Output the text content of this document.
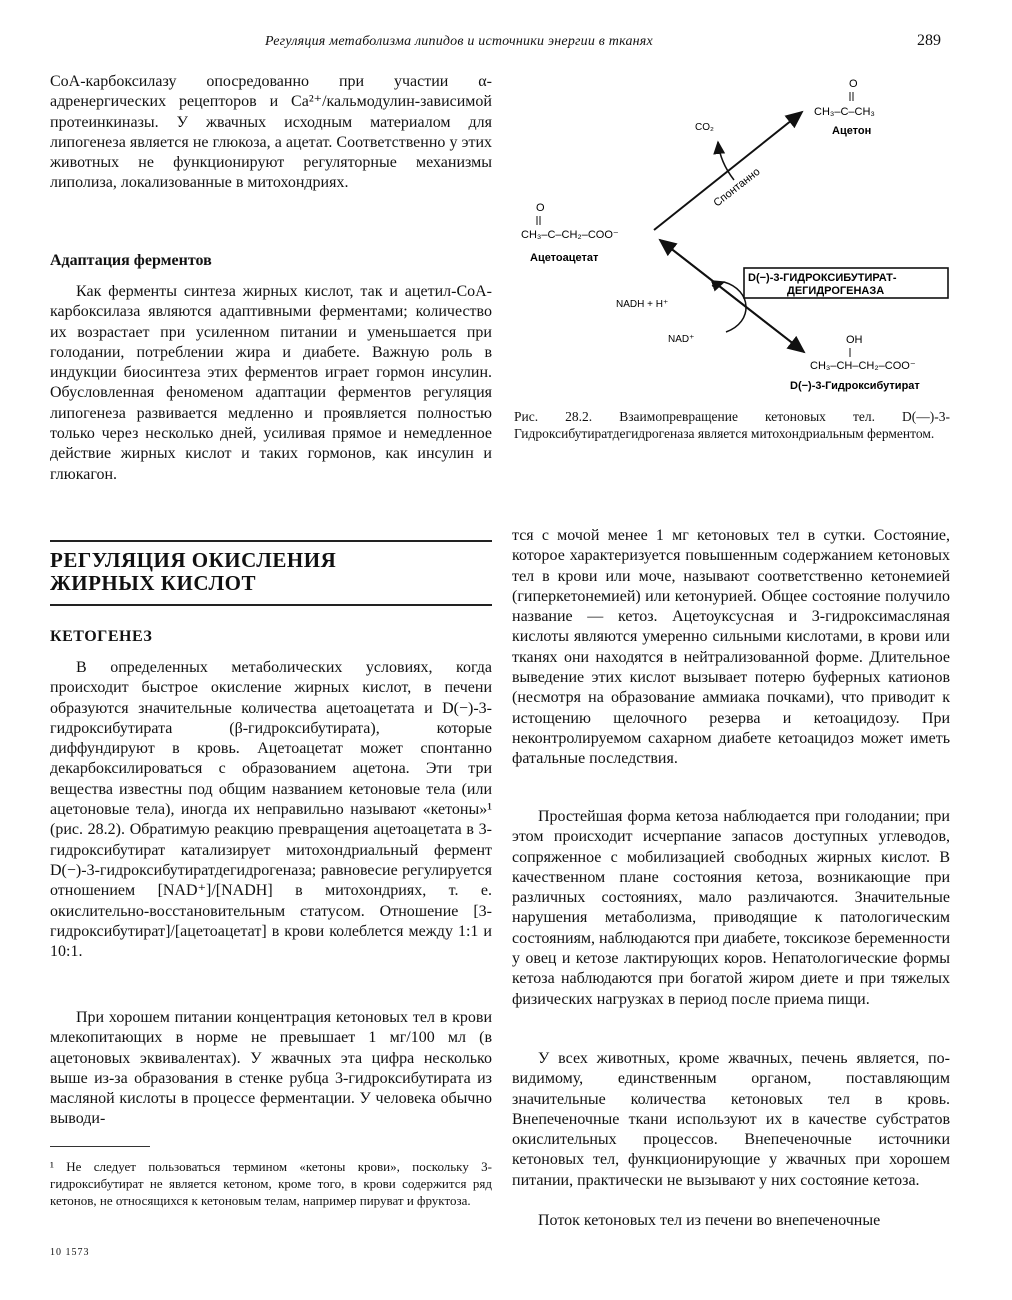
Регуляция метаболизма липидов и источники энергии в тканях	289

СоА-карбоксилазу опосредованно при участии α-адренергических рецепторов и Ca²⁺/кальмодулин-зависимой протеинкиназы. У жвачных исходным материалом для липогенеза является не глюкоза, а ацетат. Соответственно у этих животных не функционируют регуляторные механизмы липолиза, локализованные в митохондриях.

Адаптация ферментов

Как ферменты синтеза жирных кислот, так и ацетил-СоА-карбоксилаза являются адаптивными ферментами; количество их возрастает при усиленном питании и уменьшается при голодании, потреблении жира и диабете. Важную роль в индукции биосинтеза этих ферментов играет гормон инсулин. Обусловленная феноменом адаптации ферментов регуляция липогенеза развивается медленно и проявляется полностью только через несколько дней, усиливая прямое и немедленное действие жирных кислот и таких гормонов, как инсулин и глюкагон.

РЕГУЛЯЦИЯ ОКИСЛЕНИЯ
ЖИРНЫХ КИСЛОТ
КЕТОГЕНЕЗ

В определенных метаболических условиях, когда происходит быстрое окисление жирных кислот, в печени образуются значительные количества ацетоацетата и D(−)-3-гидроксибутирата (β-гидроксибутирата), которые диффундируют в кровь. Ацетоацетат может спонтанно декарбоксилироваться с образованием ацетона. Эти три вещества известны под общим названием кетоновые тела (или ацетоновые тела), иногда их неправильно называют «кетоны»¹ (рис. 28.2). Обратимую реакцию превращения ацетоацетата в 3-гидроксибутират катализирует митохондриальный фермент D(−)-3-гидроксибутиратдегидрогеназа; равновесие регулируется отношением [NAD⁺]/[NADH] в митохондриях, т. е. окислительно-восстановительным статусом. Отношение [3-гидроксибутират]/[ацетоацетат] в крови колеблется между 1:1 и 10:1.

При хорошем питании концентрация кетоновых тел в крови млекопитающих в норме не превышает 1 мг/100 мл (в ацетоновых эквивалентах). У жвачных эта цифра несколько выше из-за образования в стенке рубца 3-гидроксибутирата из масляной кислоты в процессе ферментации. У человека обычно выводи-

¹ Не следует пользоваться термином «кетоны крови», поскольку 3-гидроксибутират не является кетоном, кроме того, в крови содержится ряд кетонов, не относящихся к кетоновым телам, например пируват и фруктоза.

10 1573
O
CH₃–C–CH₃
Ацетон
CO₂
Спонтанно
O
CH₃–C–CH₂–COO⁻
Ацетоацетат
D(−)-3-ГИДРОКСИБУТИРАТ-
ДЕГИДРОГЕНАЗА
NADH + H⁺
NAD⁺	OH
CH₃–CH–CH₂–COO⁻
D(−)-3-Гидроксибутират

Рис. 28.2. Взаимопревращение кетоновых тел. D(—)-3-Гидроксибутиратдегидрогеназа является митохондриальным ферментом.

тся с мочой менее 1 мг кетоновых тел в сутки. Состояние, которое характеризуется повышенным содержанием кетоновых тел в крови или моче, называют соответственно кетонемией (гиперкетонемией) или кетонурией. Общее состояние получило название — кетоз. Ацетоуксусная и 3-гидроксимасляная кислоты являются умеренно сильными кислотами, в крови или тканях они находятся в нейтрализованной форме. Длительное выведение этих кислот вызывает потерю буферных катионов (несмотря на образование аммиака почками), что приводит к истощению щелочного резерва и кетоацидозу. При неконтролируемом сахарном диабете кетоацидоз может иметь фатальные последствия.

Простейшая форма кетоза наблюдается при голодании; при этом происходит исчерпание запасов доступных углеводов, сопряженное с мобилизацией свободных жирных кислот. В качественном плане состояния кетоза, возникающие при различных состояниях, мало различаются. Значительные нарушения метаболизма, приводящие к патологическим состояниям, наблюдаются при диабете, токсикозе беременности у овец и кетозе лактирующих коров. Непатологические формы кетоза наблюдаются при богатой жиром диете и при тяжелых физических нагрузках в период после приема пищи.

У всех животных, кроме жвачных, печень является, по-видимому, единственным органом, поставляющим значительные количества кетоновых тел в кровь. Внепеченочные ткани используют их в качестве субстратов окислительных процессов. Внепеченочные источники кетоновых тел, функционирующие у жвачных при хорошем питании, практически не вызывают у них состояние кетоза.

Поток кетоновых тел из печени во внепеченочные
